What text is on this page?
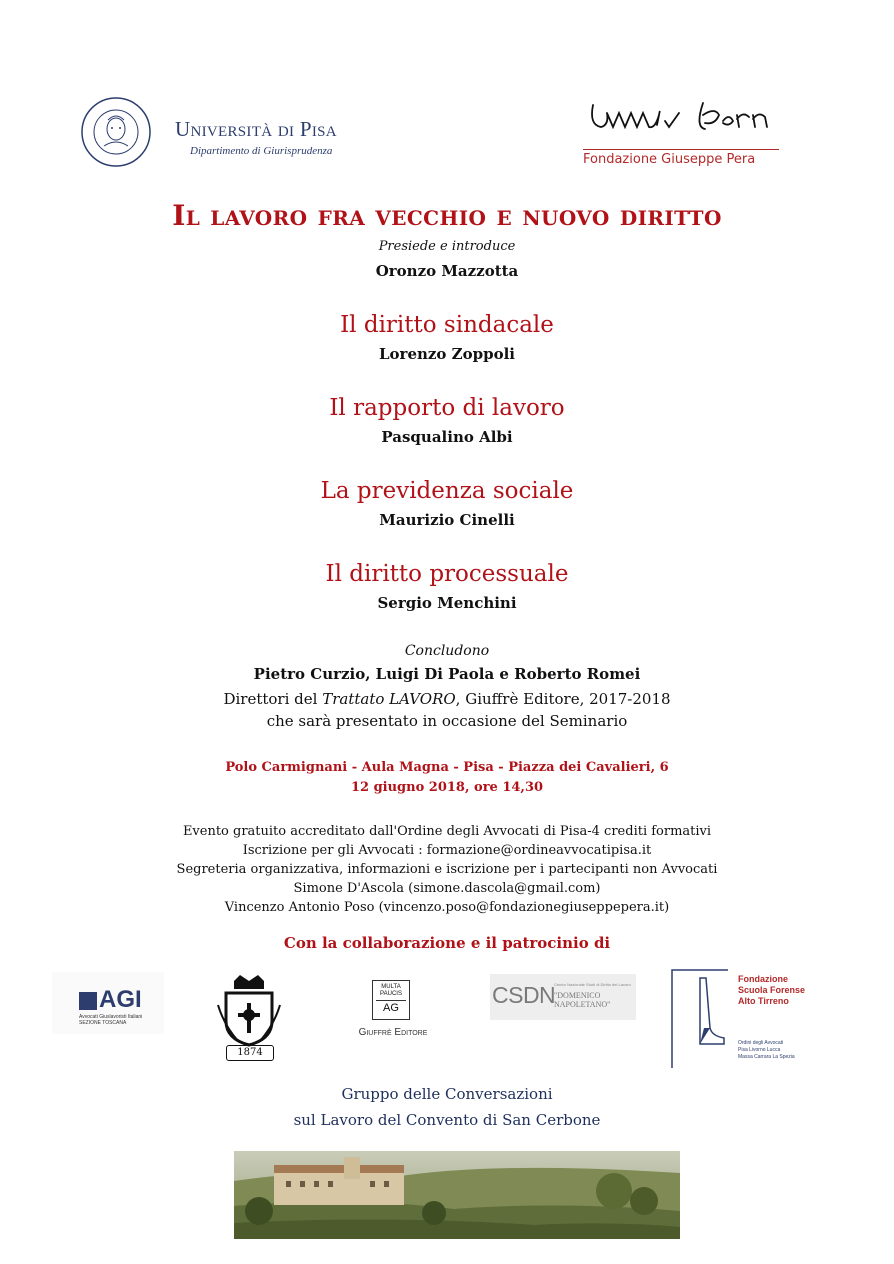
Università di Pisa
Dipartimento di Giurisprudenza
Fondazione Giuseppe Pera
Il lavoro fra vecchio e nuovo diritto
Presiede e introduce
Oronzo Mazzotta
Il diritto sindacale
Lorenzo Zoppoli
Il rapporto di lavoro
Pasqualino Albi
La previdenza sociale
Maurizio Cinelli
Il diritto processuale
Sergio Menchini
Concludono
Pietro Curzio, Luigi Di Paola e Roberto Romei
Direttori del Trattato LAVORO, Giuffrè Editore, 2017-2018
che sarà presentato in occasione del Seminario
Polo Carmignani - Aula Magna - Pisa - Piazza dei Cavalieri, 6
12 giugno 2018, ore 14,30
Evento gratuito accreditato dall'Ordine degli Avvocati di Pisa-4 crediti formativi
Iscrizione per gli Avvocati : formazione@ordineavvocatipisa.it
Segreteria organizzativa, informazioni e iscrizione per i partecipanti non Avvocati
Simone D'Ascola (simone.dascola@gmail.com)
Vincenzo Antonio Poso (vincenzo.poso@fondazionegiuseppepera.it)
Con la collaborazione e il patrocinio di
AGI
Avvocati Giuslavoristi Italiani
SEZIONE TOSCANA
1874
MULTA
PAUCIS
AG
Giuffrè Editore
CSDN
Centro Nazionale Studi di Diritto del Lavoro
"DOMENICO NAPOLETANO"
Fondazione
Scuola Forense
Alto Tirreno
Ordini degli Avvocati
Pisa Livorno Lucca
Massa Carrara La Spezia
Gruppo delle Conversazioni
sul Lavoro del Convento di San Cerbone
